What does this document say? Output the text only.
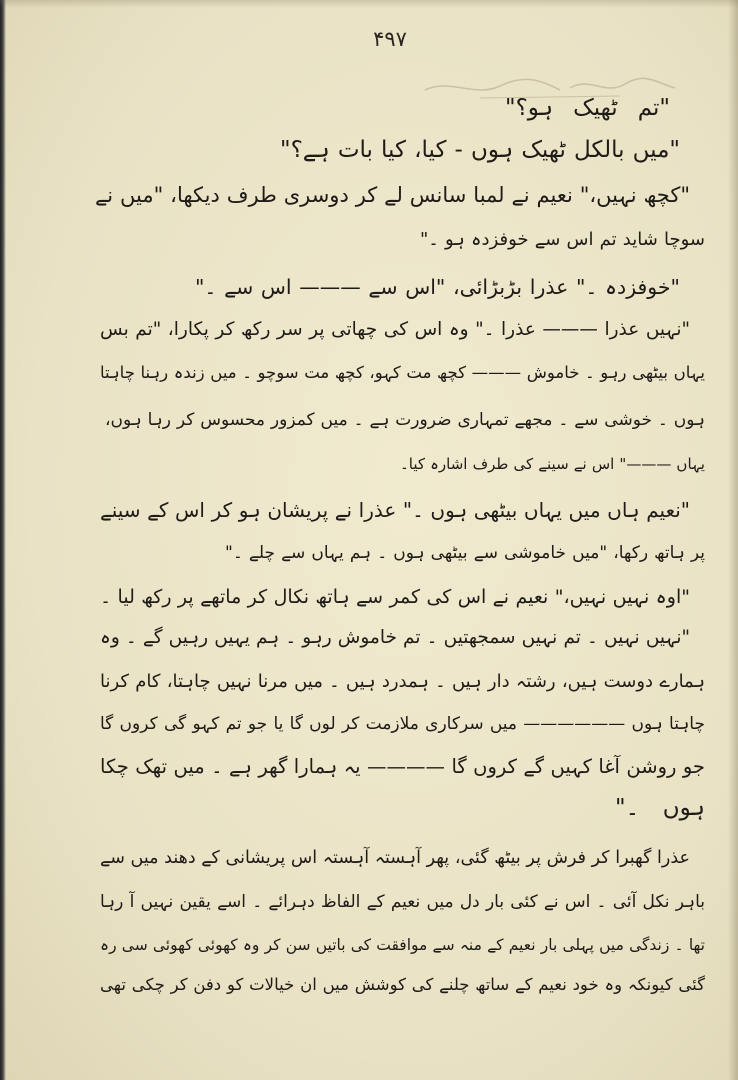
۴۹۷
"تم ٹھیک ہو؟"
"میں بالکل ٹھیک ہوں - کیا، کیا بات ہے؟"
"کچھ نہیں،" نعیم نے لمبا سانس لے کر دوسری طرف دیکھا، "میں نے
سوچا شاید تم اس سے خوفزدہ ہو ۔"
"خوفزدہ ۔" عذرا بڑبڑائی، "اس سے ——— اس سے ۔"
"نہیں عذرا ——— عذرا ۔" وہ اس کی چھاتی پر سر رکھ کر پکارا، "تم بس
یہاں بیٹھی رہو ۔ خاموش ——— کچھ مت کہو، کچھ مت سوچو ۔ میں زندہ رہنا چاہتا
ہوں ۔ خوشی سے ۔ مجھے تمہاری ضرورت ہے ۔ میں کمزور محسوس کر رہا ہوں،
یہاں ———" اس نے سینے کی طرف اشارہ کیا۔
"نعیم ہاں میں یہاں بیٹھی ہوں ۔" عذرا نے پریشان ہو کر اس کے سینے
پر ہاتھ رکھا، "میں خاموشی سے بیٹھی ہوں ۔ ہم یہاں سے چلے ۔"
"اوہ نہیں نہیں،" نعیم نے اس کی کمر سے ہاتھ نکال کر ماتھے پر رکھ لیا ۔
"نہیں نہیں ۔ تم نہیں سمجھتیں ۔ تم خاموش رہو ۔ ہم یہیں رہیں گے ۔ وہ
ہمارے دوست ہیں، رشتہ دار ہیں ۔ ہمدرد ہیں ۔ میں مرنا نہیں چاہتا، کام کرنا
چاہتا ہوں —————— میں سرکاری ملازمت کر لوں گا یا جو تم کہو گی کروں گا
جو روشن آغا کہیں گے کروں گا ———— یہ ہمارا گھر ہے ۔ میں تھک چکا
ہوں ۔"
عذرا گھبرا کر فرش پر بیٹھ گئی، پھر آہستہ آہستہ اس پریشانی کے دھند میں سے
باہر نکل آئی ۔ اس نے کئی بار دل میں نعیم کے الفاظ دہرائے ۔ اسے یقین نہیں آ رہا
تھا ۔ زندگی میں پہلی بار نعیم کے منہ سے موافقت کی باتیں سن کر وہ کھوئی کھوئی سی رہ
گئی کیونکہ وہ خود نعیم کے ساتھ چلنے کی کوشش میں ان خیالات کو دفن کر چکی تھی
